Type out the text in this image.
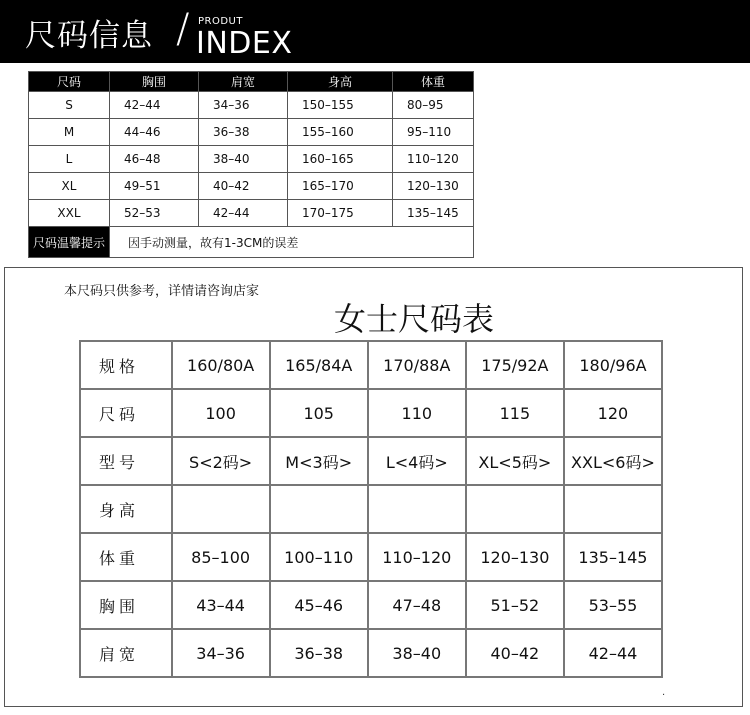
尺码信息 / PRODUT
INDEX
尺码	胸围	肩宽	身高	体重
S	42–44	34–36	150–155	80–95
M	44–46	36–38	155–160	95–110
L	46–48	38–40	160–165	110–120
XL	49–51	40–42	165–170	120–130
XXL	52–53	42–44	170–175	135–145
尺码温馨提示	因手动测量，故有1-3CM的误差			
本尺码只供参考，详情请咨询店家
女士尺码表
规格	160/80A	165/84A	170/88A	175/92A	180/96A
尺码	100	105	110	115	120
型号	S<2码>	M<3码>	L<4码>	XL<5码>	XXL<6码>
身高					
体重	85–100	100–110	110–120	120–130	135–145
胸围	43–44	45–46	47–48	51–52	53–55
肩宽	34–36	36–38	38–40	40–42	42–44
·
